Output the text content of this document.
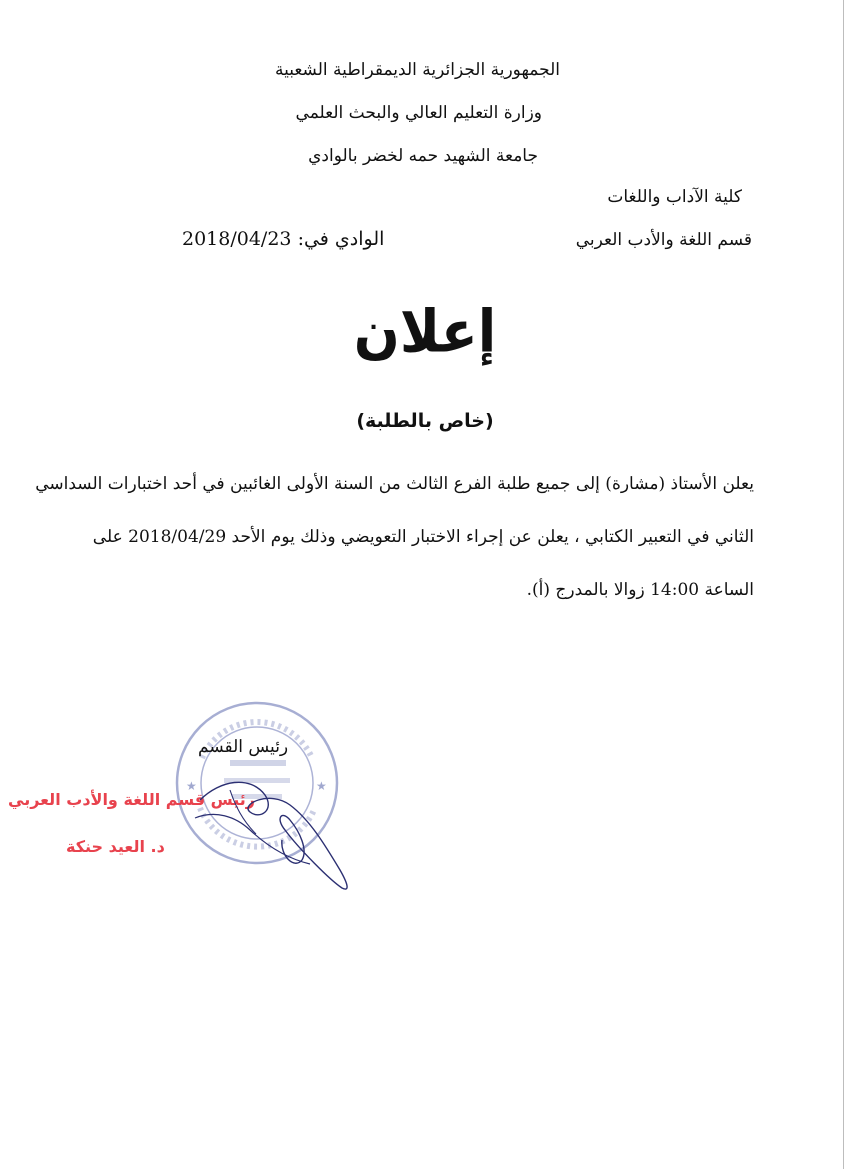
الجمهورية الجزائرية الديمقراطية الشعبية
وزارة التعليم العالي والبحث العلمي
جامعة الشهيد حمه لخضر بالوادي
كلية الآداب واللغات
قسم اللغة والأدب العربي
الوادي في: 2018/04/23
إعلان
(خاص بالطلبة)
يعلن الأستاذ (مشارة) إلى جميع طلبة الفرع الثالث من السنة الأولى الغائبين في أحد اختبارات السداسي
الثاني في التعبير الكتابي ، يعلن عن إجراء الاختبار التعويضي وذلك يوم الأحد 2018/04/29 على
الساعة 14:00 زوالا بالمدرج (أ).
★	★
رئيس القسم
رئيس قسم اللغة والأدب العربي
د. العيد حنكة
